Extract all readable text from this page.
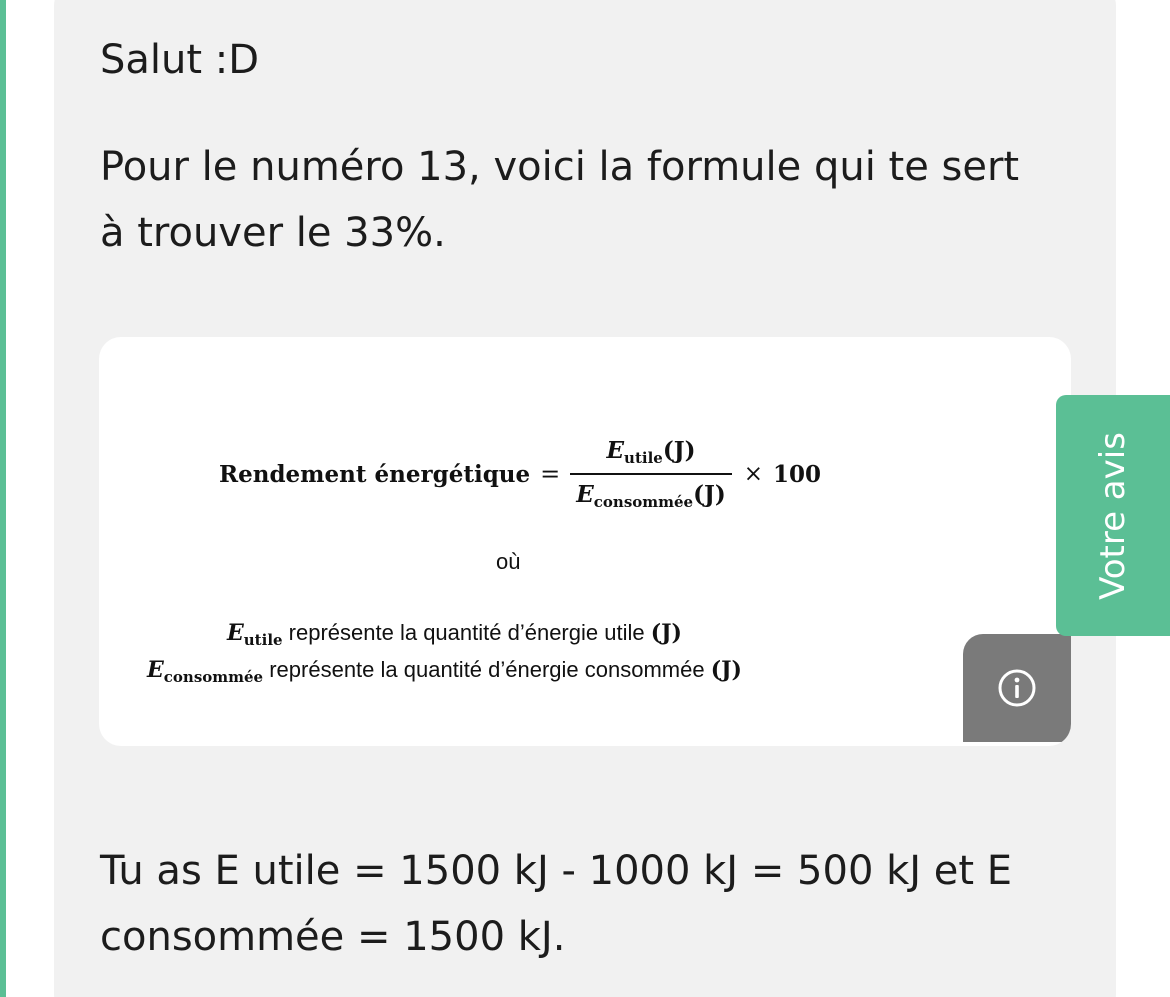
Salut :D

Pour le numéro 13, voici la formule qui te sert à trouver le 33%.

Rendement énergétique = $\frac{E_{utile}(J)}{E_{consommée}(J)} \times 100$
où
$E_{utile}$ représente la quantité d’énergie utile (J)
$E_{consommée}$ représente la quantité d’énergie consommée (J)
Votre avis

Tu as E utile = 1500 kJ - 1000 kJ = 500 kJ et E consommée = 1500 kJ.
